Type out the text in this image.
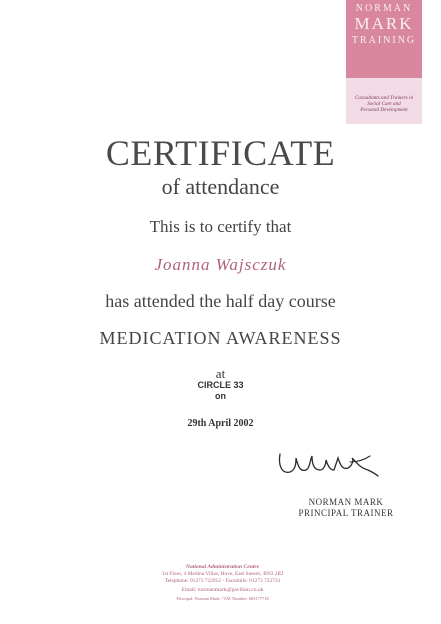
NORMAN
MARK
TRAINING
Consultants and Trainers in
Social Care and
Personal Development
CERTIFICATE
of attendance
This is to certify that
Joanna Wajsczuk
has attended the half day course
MEDICATION AWARENESS
at
CIRCLE 33
on
29th April 2002
NORMAN MARK
PRINCIPAL TRAINER
National Administration Centre
1st Floor, 4 Medina Villas, Hove, East Sussex, BN3 2RJ
Telephone: 01273 722912 - Facsimile: 01273 722733
Email: normanmark@pavilion.co.uk
Principal: Norman Mark - VAT Number: 683177718
